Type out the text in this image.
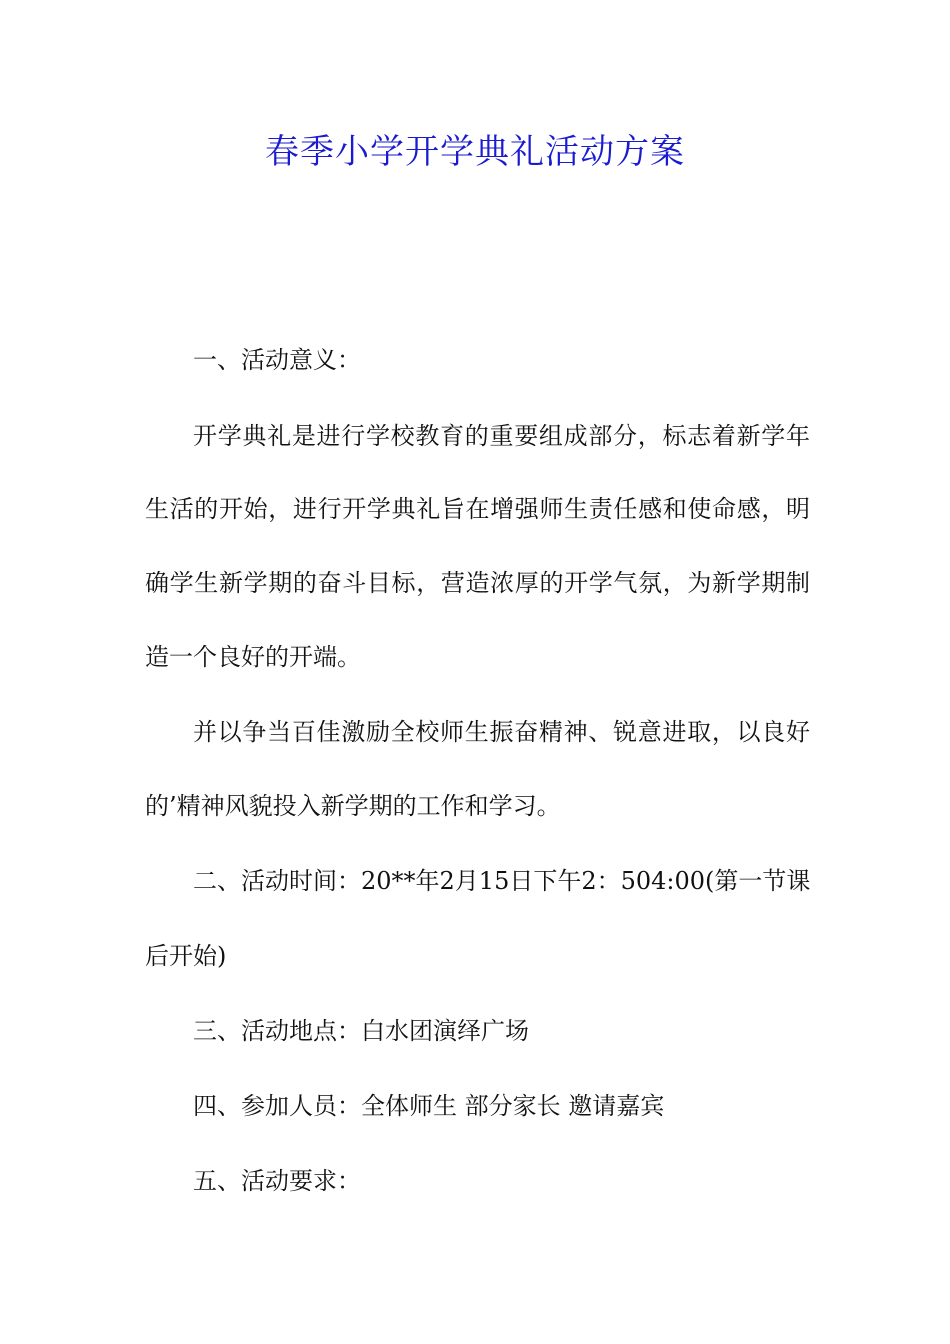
春季小学开学典礼活动方案
一、活动意义：
开学典礼是进行学校教育的重要组成部分，标志着新学年
生活的开始，进行开学典礼旨在增强师生责任感和使命感，明
确学生新学期的奋斗目标，营造浓厚的开学气氛，为新学期制
造一个良好的开端。
并以争当百佳激励全校师生振奋精神、锐意进取，以良好
的’精神风貌投入新学期的工作和学习。
二、活动时间：20**年2月15日下午2：504:00(第一节课
后开始)
三、活动地点：白水团演绎广场
四、参加人员：全体师生 部分家长 邀请嘉宾
五、活动要求：
